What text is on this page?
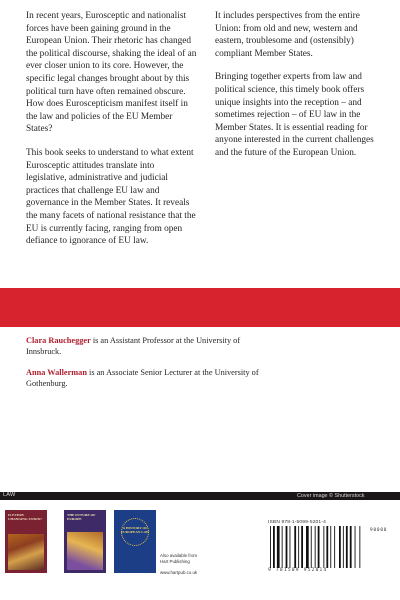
In recent years, Eurosceptic and nationalist forces have been gaining ground in the European Union. Their rhetoric has changed the political discourse, shaking the ideal of an ever closer union to its core. However, the specific legal changes brought about by this political turn have often remained obscure. How does Euroscepticism manifest itself in the law and policies of the EU Member States?

This book seeks to understand to what extent Eurosceptic attitudes translate into legislative, administrative and judicial practices that challenge EU law and governance in the Member States. It reveals the many facets of national resistance that the EU is currently facing, ranging from open defiance to ignorance of EU law.

It includes perspectives from the entire Union: from old and new, western and eastern, troublesome and (ostensibly) compliant Member States.

Bringing together experts from law and political science, this timely book offers unique insights into the reception – and sometimes rejection – of EU law in the Member States. It is essential reading for anyone interested in the current challenges and the future of the European Union.

Clara Rauchegger is an Assistant Professor at the University of Innsbruck.

Anna Wallerman is an Associate Senior Lecturer at the University of Gothenburg.

LAW	Cover image © Shutterstock
IS EVERY CHANGING UNION?
THE FUTURE OF EUROPE
A HISTORY OF EUROPEAN LAW
Also available from
Hart Publishing
www.hartpub.co.uk
ISBN 978-1-5099-5201-4
9 781509 952014
90000
